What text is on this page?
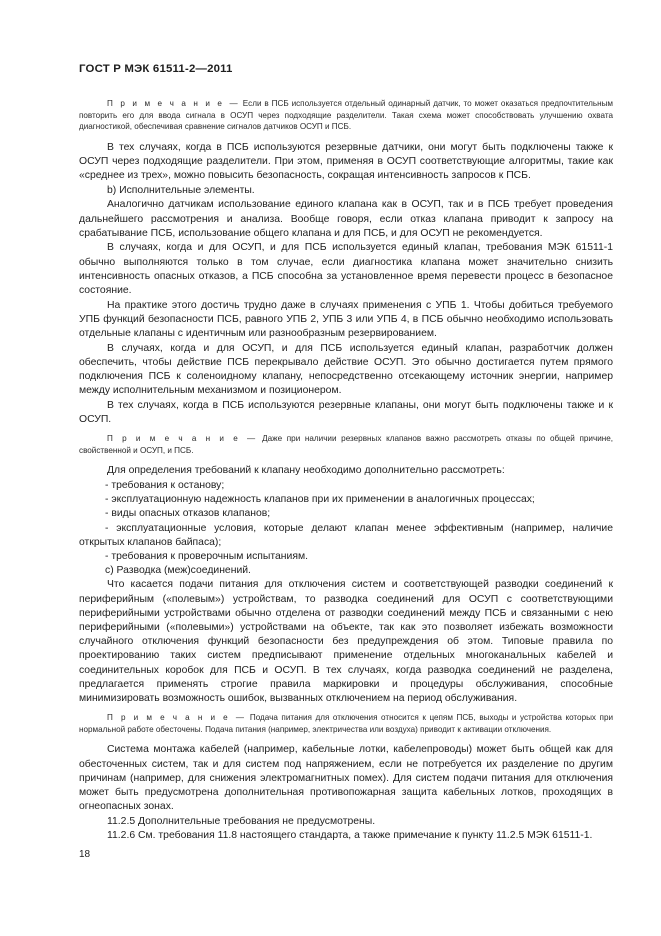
ГОСТ Р МЭК 61511-2—2011

П р и м е ч а н и е — Если в ПСБ используется отдельный одинарный датчик, то может оказаться предпочтительным повторить его для ввода сигнала в ОСУП через подходящие разделители. Такая схема может способствовать улучшению охвата диагностикой, обеспечивая сравнение сигналов датчиков ОСУП и ПСБ.

В тех случаях, когда в ПСБ используются резервные датчики, они могут быть подключены также к ОСУП через подходящие разделители. При этом, применяя в ОСУП соответствующие алгоритмы, такие как «среднее из трех», можно повысить безопасность, сокращая интенсивность запросов к ПСБ.

b) Исполнительные элементы.

Аналогично датчикам использование единого клапана как в ОСУП, так и в ПСБ требует проведения дальнейшего рассмотрения и анализа. Вообще говоря, если отказ клапана приводит к запросу на срабатывание ПСБ, использование общего клапана и для ПСБ, и для ОСУП не рекомендуется.

В случаях, когда и для ОСУП, и для ПСБ используется единый клапан, требования МЭК 61511-1 обычно выполняются только в том случае, если диагностика клапана может значительно снизить интенсивность опасных отказов, а ПСБ способна за установленное время перевести процесс в безопасное состояние.

На практике этого достичь трудно даже в случаях применения с УПБ 1. Чтобы добиться требуемого УПБ функций безопасности ПСБ, равного УПБ 2, УПБ 3 или УПБ 4, в ПСБ обычно необходимо использовать отдельные клапаны с идентичным или разнообразным резервированием.

В случаях, когда и для ОСУП, и для ПСБ используется единый клапан, разработчик должен обеспечить, чтобы действие ПСБ перекрывало действие ОСУП. Это обычно достигается путем прямого подключения ПСБ к соленоидному клапану, непосредственно отсекающему источник энергии, например между исполнительным механизмом и позиционером.

В тех случаях, когда в ПСБ используются резервные клапаны, они могут быть подключены также и к ОСУП.

П р и м е ч а н и е — Даже при наличии резервных клапанов важно рассмотреть отказы по общей причине, свойственной и ОСУП, и ПСБ.

Для определения требований к клапану необходимо дополнительно рассмотреть:

- требования к останову;

- эксплуатационную надежность клапанов при их применении в аналогичных процессах;

- виды опасных отказов клапанов;

- эксплуатационные условия, которые делают клапан менее эффективным (например, наличие открытых клапанов байпаса);

- требования к проверочным испытаниям.

c) Разводка (меж)соединений.

Что касается подачи питания для отключения систем и соответствующей разводки соединений к периферийным («полевым») устройствам, то разводка соединений для ОСУП с соответствующими периферийными устройствами обычно отделена от разводки соединений между ПСБ и связанными с нею периферийными («полевыми») устройствами на объекте, так как это позволяет избежать возможности случайного отключения функций безопасности без предупреждения об этом. Типовые правила по проектированию таких систем предписывают применение отдельных многоканальных кабелей и соединительных коробок для ПСБ и ОСУП. В тех случаях, когда разводка соединений не разделена, предлагается применять строгие правила маркировки и процедуры обслуживания, способные минимизировать возможность ошибок, вызванных отключением на период обслуживания.

П р и м е ч а н и е — Подача питания для отключения относится к цепям ПСБ, выходы и устройства которых при нормальной работе обесточены. Подача питания (например, электричества или воздуха) приводит к активации отключения.

Система монтажа кабелей (например, кабельные лотки, кабелепроводы) может быть общей как для обесточенных систем, так и для систем под напряжением, если не потребуется их разделение по другим причинам (например, для снижения электромагнитных помех). Для систем подачи питания для отключения может быть предусмотрена дополнительная противопожарная защита кабельных лотков, проходящих в огнеопасных зонах.

11.2.5 Дополнительные требования не предусмотрены.

11.2.6 См. требования 11.8 настоящего стандарта, а также примечание к пункту 11.2.5 МЭК 61511-1.

18
